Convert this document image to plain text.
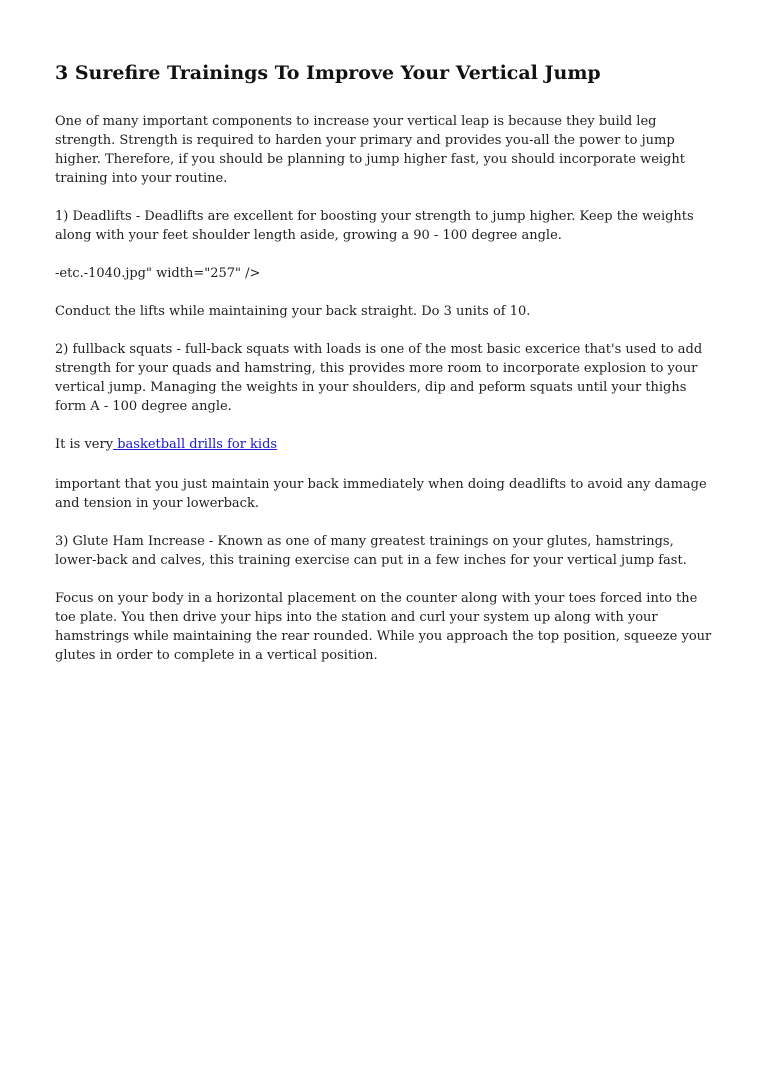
3 Surefire Trainings To Improve Your Vertical Jump

One of many important components to increase your vertical leap is because they build leg strength. Strength is required to harden your primary and provides you-all the power to jump higher. Therefore, if you should be planning to jump higher fast, you should incorporate weight training into your routine.

1) Deadlifts - Deadlifts are excellent for boosting your strength to jump higher. Keep the weights along with your feet shoulder length aside, growing a 90 - 100 degree angle.

-etc.-1040.jpg" width="257" />

Conduct the lifts while maintaining your back straight. Do 3 units of 10.

2) fullback squats - full-back squats with loads is one of the most basic excerice that's used to add strength for your quads and hamstring, this provides more room to incorporate explosion to your vertical jump. Managing the weights in your shoulders, dip and peform squats until your thighs form A - 100 degree angle.

It is very basketball drills for kids

important that you just maintain your back immediately when doing deadlifts to avoid any damage and tension in your lowerback.

3) Glute Ham Increase - Known as one of many greatest trainings on your glutes, hamstrings, lower-back and calves, this training exercise can put in a few inches for your vertical jump fast.

Focus on your body in a horizontal placement on the counter along with your toes forced into the toe plate. You then drive your hips into the station and curl your system up along with your hamstrings while maintaining the rear rounded. While you approach the top position, squeeze your glutes in order to complete in a vertical position.
